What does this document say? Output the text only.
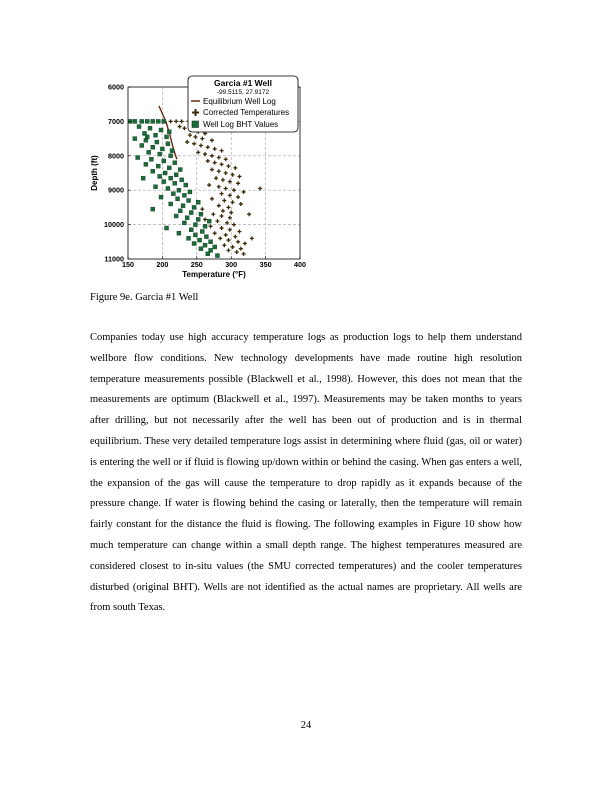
150	200	250	300	350	400
6000
7000
8000
9000
10000
11000
Temperature (°F)
Depth (ft)
Garcia #1 Well
-99.5115, 27.9172
Equilibrium Well Log
Corrected Temperatures
Well Log BHT Values
Figure 9e. Garcia #1 Well

Companies today use high accuracy temperature logs as production logs to help them understand wellbore flow conditions. New technology developments have made routine high resolution temperature measurements possible (Blackwell et al., 1998). However, this does not mean that the measurements are optimum (Blackwell et al., 1997). Measurements may be taken months to years after drilling, but not necessarily after the well has been out of production and is in thermal equilibrium. These very detailed temperature logs assist in determining where fluid (gas, oil or water) is entering the well or if fluid is flowing up/down within or behind the casing. When gas enters a well, the expansion of the gas will cause the temperature to drop rapidly as it expands because of the pressure change. If water is flowing behind the casing or laterally, then the temperature will remain fairly constant for the distance the fluid is flowing. The following examples in Figure 10 show how much temperature can change within a small depth range. The highest temperatures measured are considered closest to in-situ values (the SMU corrected temperatures) and the cooler temperatures disturbed (original BHT). Wells are not identified as the actual names are proprietary. All wells are from south Texas.

24
